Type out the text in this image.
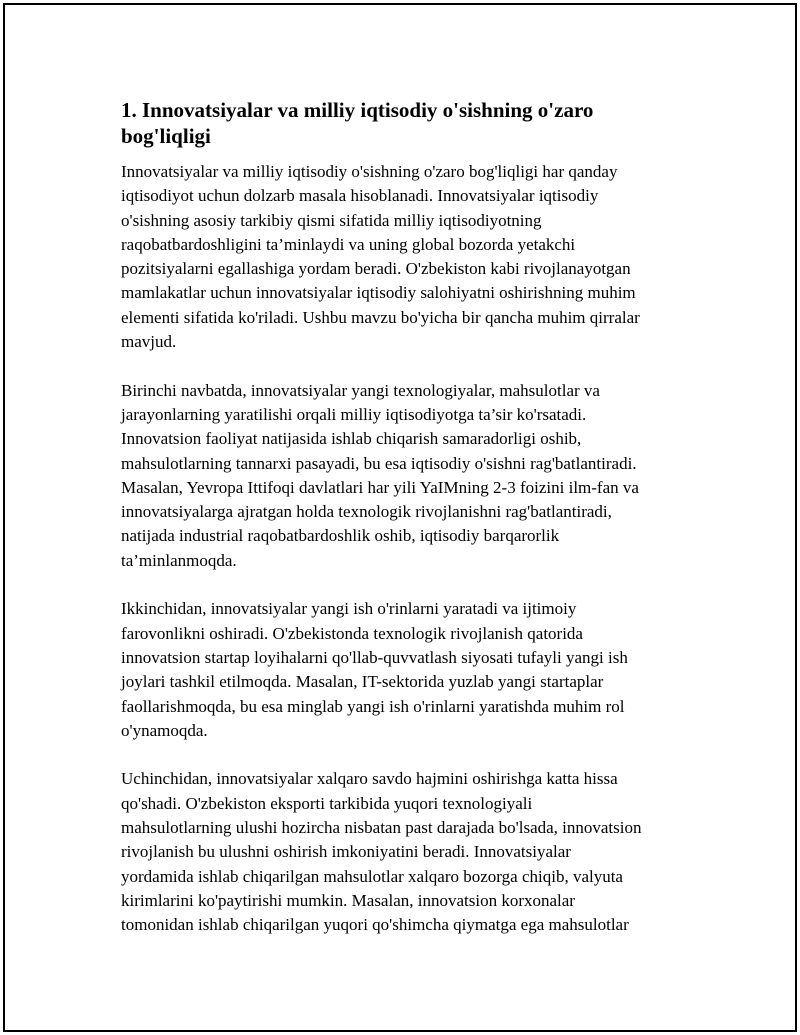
1. Innovatsiyalar va milliy iqtisodiy o'sishning o'zaro
bog'liqligi

Innovatsiyalar va milliy iqtisodiy o'sishning o'zaro bog'liqligi har qanday
iqtisodiyot uchun dolzarb masala hisoblanadi. Innovatsiyalar iqtisodiy
o'sishning asosiy tarkibiy qismi sifatida milliy iqtisodiyotning
raqobatbardoshligini ta’minlaydi va uning global bozorda yetakchi
pozitsiyalarni egallashiga yordam beradi. O'zbekiston kabi rivojlanayotgan
mamlakatlar uchun innovatsiyalar iqtisodiy salohiyatni oshirishning muhim
elementi sifatida ko'riladi. Ushbu mavzu bo'yicha bir qancha muhim qirralar
mavjud.

Birinchi navbatda, innovatsiyalar yangi texnologiyalar, mahsulotlar va
jarayonlarning yaratilishi orqali milliy iqtisodiyotga ta’sir ko'rsatadi.
Innovatsion faoliyat natijasida ishlab chiqarish samaradorligi oshib,
mahsulotlarning tannarxi pasayadi, bu esa iqtisodiy o'sishni rag'batlantiradi.
Masalan, Yevropa Ittifoqi davlatlari har yili YaIMning 2-3 foizini ilm-fan va
innovatsiyalarga ajratgan holda texnologik rivojlanishni rag'batlantiradi,
natijada industrial raqobatbardoshlik oshib, iqtisodiy barqarorlik
ta’minlanmoqda.

Ikkinchidan, innovatsiyalar yangi ish o'rinlarni yaratadi va ijtimoiy
farovonlikni oshiradi. O'zbekistonda texnologik rivojlanish qatorida
innovatsion startap loyihalarni qo'llab-quvvatlash siyosati tufayli yangi ish
joylari tashkil etilmoqda. Masalan, IT-sektorida yuzlab yangi startaplar
faollarishmoqda, bu esa minglab yangi ish o'rinlarni yaratishda muhim rol
o'ynamoqda.

Uchinchidan, innovatsiyalar xalqaro savdo hajmini oshirishga katta hissa
qo'shadi. O'zbekiston eksporti tarkibida yuqori texnologiyali
mahsulotlarning ulushi hozircha nisbatan past darajada bo'lsada, innovatsion
rivojlanish bu ulushni oshirish imkoniyatini beradi. Innovatsiyalar
yordamida ishlab chiqarilgan mahsulotlar xalqaro bozorga chiqib, valyuta
kirimlarini ko'paytirishi mumkin. Masalan, innovatsion korxonalar
tomonidan ishlab chiqarilgan yuqori qo'shimcha qiymatga ega mahsulotlar
